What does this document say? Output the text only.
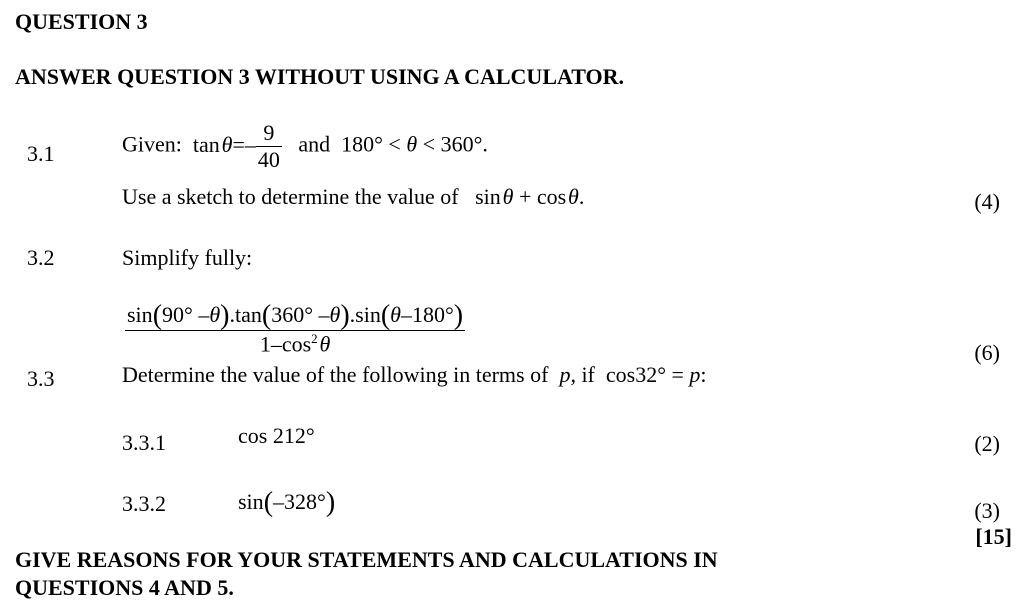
QUESTION 3
ANSWER QUESTION 3 WITHOUT USING A CALCULATOR.
3.1	Given: tan $\theta=- \frac{9}{40}$ and 180° < θ < 360°.
Use a sketch to determine the value of sin θ + cos θ.	(4)
3.2	Simplify fully:
$\frac{\sin(90^\circ -\theta).\tan(360^\circ -\theta).\sin(\theta-180^\circ)}{1-\cos^2 \theta}$	(6)
3.3	Determine the value of the following in terms of p, if cos32° = p:
3.3.1	cos 212°	(2)
3.3.2	sin(–328°)	(3)
[15]
GIVE REASONS FOR YOUR STATEMENTS AND CALCULATIONS IN
QUESTIONS 4 AND 5.
